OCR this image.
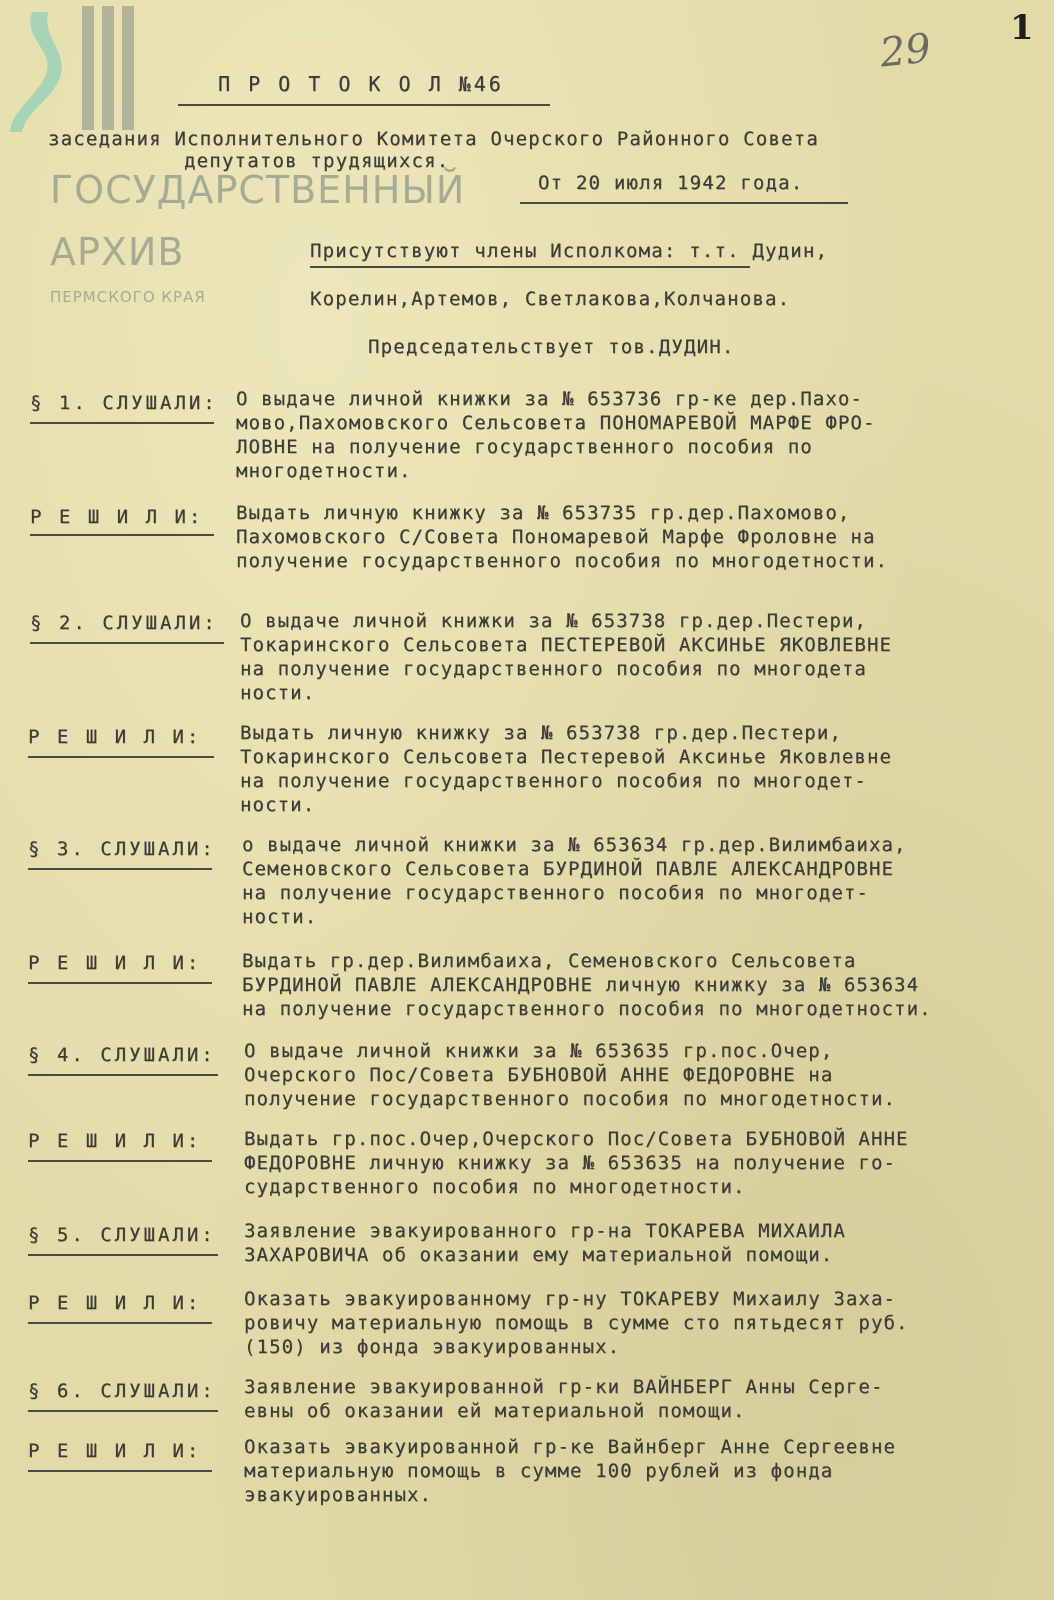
ГОСУДАРСТВЕННЫЙ
АРХИВ
ПЕРМСКОГО КРАЯ
1
29
П Р О Т О К О Л №46
заседания Исполнительного Комитета Очерского Районного Совета
депутатов трудящихся.
От 20 июля 1942 года.
Присутствуют члены Исполкома: т.т. Дудин,
Корелин,Артемов, Светлакова,Колчанова.
Председательствует тов.ДУДИН.
§ 1. СЛУШАЛИ: О выдаче личной книжки за № 653736 гр-ке дер.Пахо-
мово,Пахомовского Сельсовета ПОНОМАРЕВОЙ МАРФЕ ФРО-
ЛОВНЕ на получение государственного пособия по
многодетности.
Р Е Ш И Л И: Выдать личную книжку за № 653735 гр.дер.Пахомово,
Пахомовского С/Совета Пономаревой Марфе Фроловне на
получение государственного пособия по многодетности.
§ 2. СЛУШАЛИ: О выдаче личной книжки за № 653738 гр.дер.Пестери,
Токаринского Сельсовета ПЕСТЕРЕВОЙ АКСИНЬЕ ЯКОВЛЕВНЕ
на получение государственного пособия по многодета
ности.
Р Е Ш И Л И: Выдать личную книжку за № 653738 гр.дер.Пестери,
Токаринского Сельсовета Пестеревой Аксинье Яковлевне
на получение государственного пособия по многодет-
ности.
§ 3. СЛУШАЛИ: о выдаче личной книжки за № 653634 гр.дер.Вилимбаиха,
Семеновского Сельсовета БУРДИНОЙ ПАВЛЕ АЛЕКСАНДРОВНЕ
на получение государственного пособия по многодет-
ности.
Р Е Ш И Л И: Выдать гр.дер.Вилимбаиха, Семеновского Сельсовета
БУРДИНОЙ ПАВЛЕ АЛЕКСАНДРОВНЕ личную книжку за № 653634
на получение государственного пособия по многодетности.
§ 4. СЛУШАЛИ: О выдаче личной книжки за № 653635 гр.пос.Очер,
Очерского Пос/Совета БУБНОВОЙ АННЕ ФЕДОРОВНЕ на
получение государственного пособия по многодетности.
Р Е Ш И Л И: Выдать гр.пос.Очер,Очерского Пос/Совета БУБНОВОЙ АННЕ
ФЕДОРОВНЕ личную книжку за № 653635 на получение го-
сударственного пособия по многодетности.
§ 5. СЛУШАЛИ: Заявление эвакуированного гр-на ТОКАРЕВА МИХАИЛА
ЗАХАРОВИЧА об оказании ему материальной помощи.
Р Е Ш И Л И: Оказать эвакуированному гр-ну ТОКАРЕВУ Михаилу Заха-
ровичу материальную помощь в сумме сто пятьдесят руб.
(150) из фонда эвакуированных.
§ 6. СЛУШАЛИ: Заявление эвакуированной гр-ки ВАЙНБЕРГ Анны Серге-
евны об оказании ей материальной помощи.
Р Е Ш И Л И: Оказать эвакуированной гр-ке Вайнберг Анне Сергеевне
материальную помощь в сумме 100 рублей из фонда
эвакуированных.
